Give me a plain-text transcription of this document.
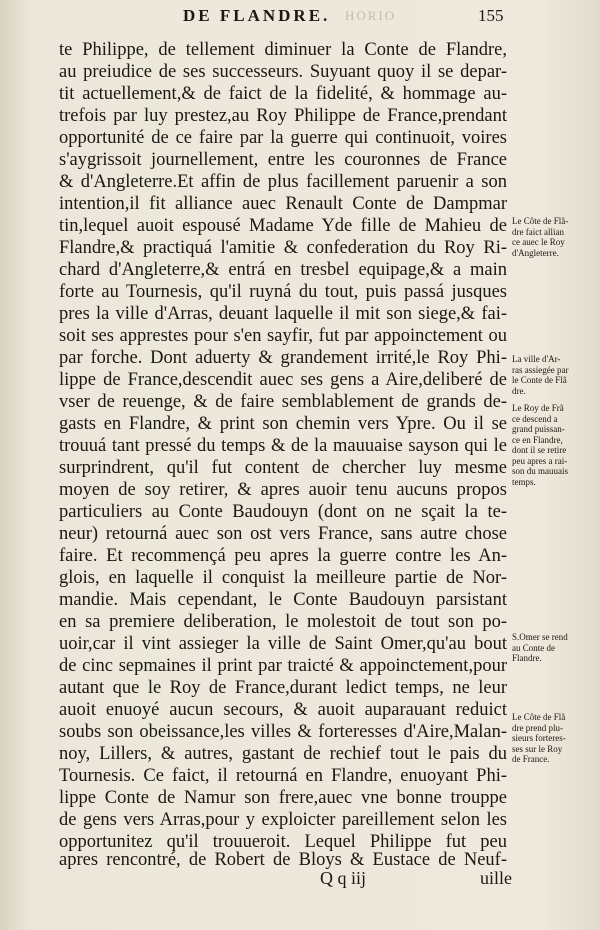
DE FLANDRE. HORIO	155
te Philippe, de tellement diminuer la Conte de Flandre,
au preiudice de ses successeurs. Suyuant quoy il se depar-
tit actuellement,& de faict de la fidelité, & hommage au-
trefois par luy prestez,au Roy Philippe de France,prendant
opportunité de ce faire par la guerre qui continuoit, voires
s'aygrissoit journellement, entre les couronnes de France
& d'Angleterre.Et affin de plus facillement paruenir a son
intention,il fit alliance auec Renault Conte de Dampmar
tin,lequel auoit espousé Madame Yde fille de Mahieu de
Flandre,& practiquá l'amitie & confederation du Roy Ri-
chard d'Angleterre,& entrá en tresbel equipage,& a main
forte au Tournesis, qu'il ruyná du tout, puis passá jusques
pres la ville d'Arras, deuant laquelle il mit son siege,& fai-
soit ses apprestes pour s'en sayfir, fut par appoinctement ou
par forche. Dont aduerty & grandement irrité,le Roy Phi-
lippe de France,descendit auec ses gens a Aire,deliberé de
vser de reuenge, & de faire semblablement de grands de-
gasts en Flandre, & print son chemin vers Ypre. Ou il se
trouuá tant pressé du temps & de la mauuaise sayson qui le
surprindrent, qu'il fut content de chercher luy mesme
moyen de soy retirer, & apres auoir tenu aucuns propos
particuliers au Conte Baudouyn (dont on ne sçait la te-
neur) retourná auec son ost vers France, sans autre chose
faire. Et recommençá peu apres la guerre contre les An-
glois, en laquelle il conquist la meilleure partie de Nor-
mandie. Mais cependant, le Conte Baudouyn parsistant
en sa premiere deliberation, le molestoit de tout son po-
uoir,car il vint assieger la ville de Saint Omer,qu'au bout
de cinc sepmaines il print par traicté & appoinctement,pour
autant que le Roy de France,durant ledict temps, ne leur
auoit enuoyé aucun secours, & auoit auparauant reduict
soubs son obeissance,les villes & forteresses d'Aire,Malan-
noy, Lillers, & autres, gastant de rechief tout le pais du
Tournesis. Ce faict, il retourná en Flandre, enuoyant Phi-
lippe Conte de Namur son frere,auec vne bonne trouppe
de gens vers Arras,pour y exploicter pareillement selon les
opportunitez qu'il trouueroit. Lequel Philippe fut peu
apres rencontré, de Robert de Bloys & Eustace de Neuf-
Le Côte de Flã-
dre faict allian
ce auec le Roy
d'Angleterre.
La ville d'Ar-
ras assiegée par
le Conte de Flã
dre.
Le Roy de Frã
ce descend a
grand puissan-
ce en Flandre,
dont il se retire
peu apres a rai-
son du mauuais
temps.
S.Omer se rend
au Conte de
Flandre.
Le Côte de Flã
dre prend plu-
sieurs forteres-
ses sur le Roy
de France.
Q q iij	uille
